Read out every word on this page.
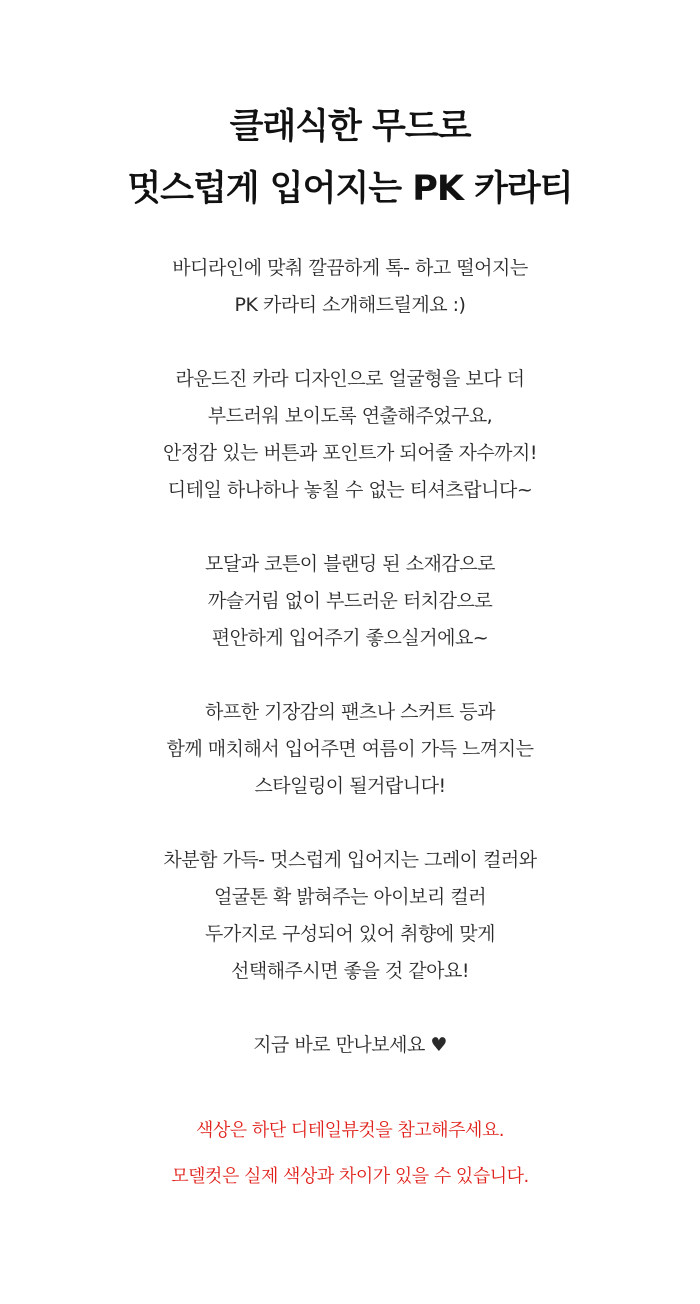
클래식한 무드로
멋스럽게 입어지는 PK 카라티
바디라인에 맞춰 깔끔하게 톡- 하고 떨어지는
PK 카라티 소개해드릴게요 :)
라운드진 카라 디자인으로 얼굴형을 보다 더
부드러워 보이도록 연출해주었구요,
안정감 있는 버튼과 포인트가 되어줄 자수까지!
디테일 하나하나 놓칠 수 없는 티셔츠랍니다~
모달과 코튼이 블랜딩 된 소재감으로
까슬거림 없이 부드러운 터치감으로
편안하게 입어주기 좋으실거에요~
하프한 기장감의 팬츠나 스커트 등과
함께 매치해서 입어주면 여름이 가득 느껴지는
스타일링이 될거랍니다!
차분함 가득- 멋스럽게 입어지는 그레이 컬러와
얼굴톤 확 밝혀주는 아이보리 컬러
두가지로 구성되어 있어 취향에 맞게
선택해주시면 좋을 것 같아요!
지금 바로 만나보세요 ♥
색상은 하단 디테일뷰컷을 참고해주세요.
모델컷은 실제 색상과 차이가 있을 수 있습니다.
